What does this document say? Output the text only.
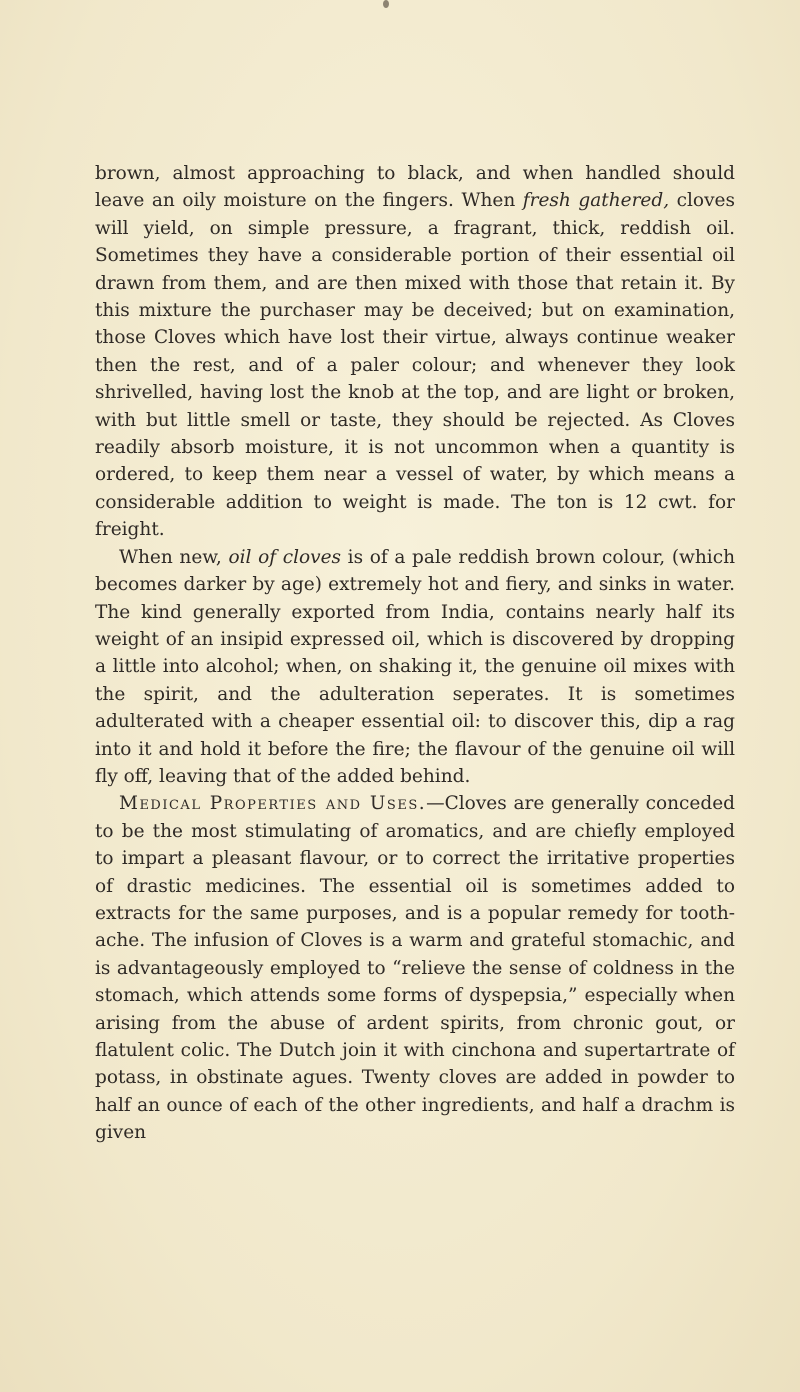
brown, almost approaching to black, and when handled should leave an oily moisture on the fingers. When fresh gathered, cloves will yield, on simple pressure, a fragrant, thick, reddish oil. Sometimes they have a considerable portion of their essential oil drawn from them, and are then mixed with those that retain it. By this mixture the purchaser may be deceived; but on examination, those Cloves which have lost their virtue, always continue weaker then the rest, and of a paler colour; and whenever they look shrivelled, having lost the knob at the top, and are light or broken, with but little smell or taste, they should be rejected. As Cloves readily absorb moisture, it is not uncommon when a quantity is ordered, to keep them near a vessel of water, by which means a considerable addition to weight is made. The ton is 12 cwt. for freight.

When new, oil of cloves is of a pale reddish brown colour, (which becomes darker by age) extremely hot and fiery, and sinks in water. The kind generally exported from India, contains nearly half its weight of an insipid expressed oil, which is discovered by dropping a little into alcohol; when, on shaking it, the genuine oil mixes with the spirit, and the adulteration seperates. It is sometimes adulterated with a cheaper essential oil: to discover this, dip a rag into it and hold it before the fire; the flavour of the genuine oil will fly off, leaving that of the added behind.

Medical Properties and Uses.—Cloves are generally conceded to be the most stimulating of aromatics, and are chiefly employed to impart a pleasant flavour, or to correct the irritative properties of drastic medicines. The essential oil is sometimes added to extracts for the same purposes, and is a popular remedy for tooth-ache. The infusion of Cloves is a warm and grateful stomachic, and is advantageously employed to “relieve the sense of coldness in the stomach, which attends some forms of dyspepsia,” especially when arising from the abuse of ardent spirits, from chronic gout, or flatulent colic. The Dutch join it with cinchona and supertartrate of potass, in obstinate agues. Twenty cloves are added in powder to half an ounce of each of the other ingredients, and half a drachm is given
